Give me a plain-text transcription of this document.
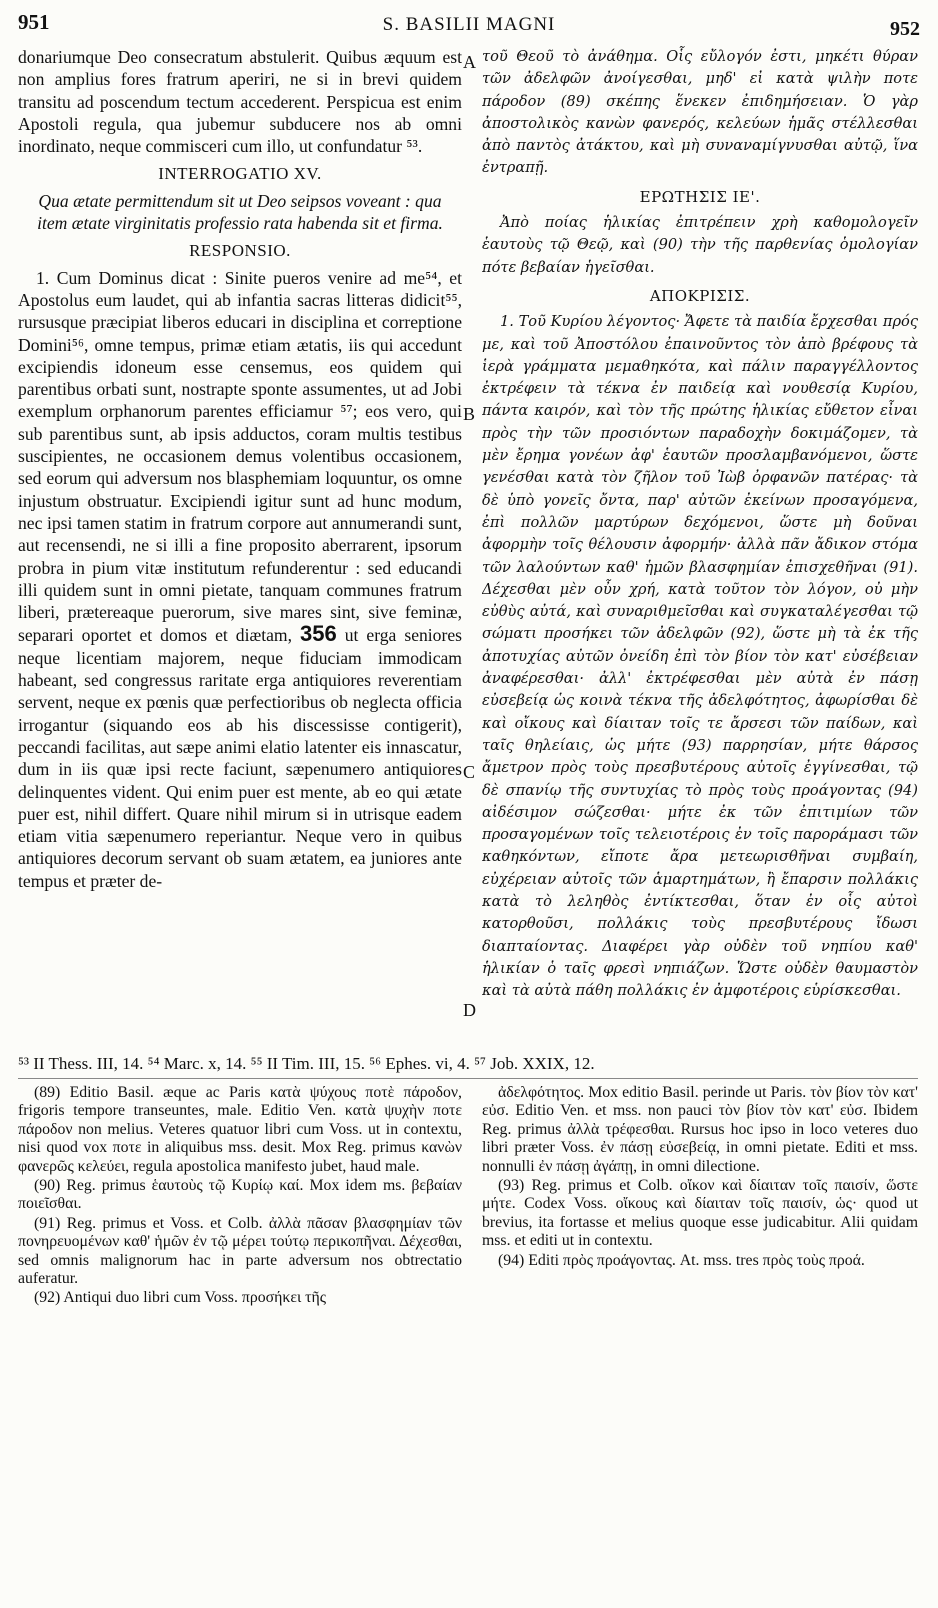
951	S. BASILII MAGNI	952
A
B
C
D

donariumque Deo consecratum abstulerit. Quibus æquum est non amplius fores fratrum aperiri, ne si in brevi quidem transitu ad poscendum tectum accederent. Perspicua est enim Apostoli regula, qua jubemur subducere nos ab omni inordinato, neque commisceri cum illo, ut confundatur ⁵³.

INTERROGATIO XV.

Qua ætate permittendum sit ut Deo seipsos voveant : qua item ætate virginitatis professio rata habenda sit et firma.

RESPONSIO.

1. Cum Dominus dicat : Sinite pueros venire ad me⁵⁴, et Apostolus eum laudet, qui ab infantia sacras litteras didicit⁵⁵, rursusque præcipiat liberos educari in disciplina et correptione Domini⁵⁶, omne tempus, primæ etiam ætatis, iis qui accedunt excipiendis idoneum esse censemus, eos quidem qui parentibus orbati sunt, nostrapte sponte assumentes, ut ad Jobi exemplum orphanorum parentes efficiamur ⁵⁷; eos vero, qui sub parentibus sunt, ab ipsis adductos, coram multis testibus suscipientes, ne occasionem demus volentibus occasionem, sed eorum qui adversum nos blasphemiam loquuntur, os omne injustum obstruatur. Excipiendi igitur sunt ad hunc modum, nec ipsi tamen statim in fratrum corpore aut annumerandi sunt, aut recensendi, ne si illi a fine proposito aberrarent, ipsorum probra in pium vitæ institutum refunderentur : sed educandi illi quidem sunt in omni pietate, tanquam communes fratrum liberi, prætereaque puerorum, sive mares sint, sive feminæ, separari oportet et domos et diætam, 356 ut erga seniores neque licentiam majorem, neque fiduciam immodicam habeant, sed congressus raritate erga antiquiores reverentiam servent, neque ex pœnis quæ perfectioribus ob neglecta officia irrogantur (siquando eos ab his discessisse contigerit), peccandi facilitas, aut sæpe animi elatio latenter eis innascatur, dum in iis quæ ipsi recte faciunt, sæpenumero antiquiores delinquentes vident. Qui enim puer est mente, ab eo qui ætate puer est, nihil differt. Quare nihil mirum si in utrisque eadem etiam vitia sæpenumero reperiantur. Neque vero in quibus antiquiores decorum servant ob suam ætatem, ea juniores ante tempus et præter de-

τοῦ Θεοῦ τὸ ἀνάθημα. Οἷς εὔλογόν ἐστι, μηκέτι θύραν τῶν ἀδελφῶν ἀνοίγεσθαι, μηδ' εἰ κατὰ ψιλὴν ποτε πάροδον (89) σκέπης ἕνεκεν ἐπιδημήσειαν. Ὁ γὰρ ἀποστολικὸς κανὼν φανερός, κελεύων ἡμᾶς στέλλεσθαι ἀπὸ παντὸς ἀτάκτου, καὶ μὴ συναναμίγνυσθαι αὐτῷ, ἵνα ἐντραπῇ.

ΕΡΩΤΗΣΙΣ ΙΕ'.

Ἀπὸ ποίας ἡλικίας ἐπιτρέπειν χρὴ καθομολογεῖν ἑαυτοὺς τῷ Θεῷ, καὶ (90) τὴν τῆς παρθενίας ὁμολογίαν πότε βεβαίαν ἡγεῖσθαι.

ΑΠΟΚΡΙΣΙΣ.

1. Τοῦ Κυρίου λέγοντος· Ἄφετε τὰ παιδία ἔρχεσθαι πρός με, καὶ τοῦ Ἀποστόλου ἐπαινοῦντος τὸν ἀπὸ βρέφους τὰ ἱερὰ γράμματα μεμαθηκότα, καὶ πάλιν παραγγέλλοντος ἐκτρέφειν τὰ τέκνα ἐν παιδείᾳ καὶ νουθεσίᾳ Κυρίου, πάντα καιρόν, καὶ τὸν τῆς πρώτης ἡλικίας εὔθετον εἶναι πρὸς τὴν τῶν προσιόντων παραδοχὴν δοκιμάζομεν, τὰ μὲν ἔρημα γονέων ἀφ' ἑαυτῶν προσλαμβανόμενοι, ὥστε γενέσθαι κατὰ τὸν ζῆλον τοῦ Ἰὼβ ὀρφανῶν πατέρας· τὰ δὲ ὑπὸ γονεῖς ὄντα, παρ' αὐτῶν ἐκείνων προσαγόμενα, ἐπὶ πολλῶν μαρτύρων δεχόμενοι, ὥστε μὴ δοῦναι ἀφορμὴν τοῖς θέλουσιν ἀφορμήν· ἀλλὰ πᾶν ἄδικον στόμα τῶν λαλούντων καθ' ἡμῶν βλασφημίαν ἐπισχεθῆναι (91). Δέχεσθαι μὲν οὖν χρή, κατὰ τοῦτον τὸν λόγον, οὐ μὴν εὐθὺς αὐτά, καὶ συναριθμεῖσθαι καὶ συγκαταλέγεσθαι τῷ σώματι προσήκει τῶν ἀδελφῶν (92), ὥστε μὴ τὰ ἐκ τῆς ἀποτυχίας αὐτῶν ὀνείδη ἐπὶ τὸν βίον τὸν κατ' εὐσέβειαν ἀναφέρεσθαι· ἀλλ' ἐκτρέφεσθαι μὲν αὐτὰ ἐν πάσῃ εὐσεβείᾳ ὡς κοινὰ τέκνα τῆς ἀδελφότητος, ἀφωρίσθαι δὲ καὶ οἴκους καὶ δίαιταν τοῖς τε ἄρσεσι τῶν παίδων, καὶ ταῖς θηλείαις, ὡς μήτε (93) παρρησίαν, μήτε θάρσος ἄμετρον πρὸς τοὺς πρεσβυτέρους αὐτοῖς ἐγγίνεσθαι, τῷ δὲ σπανίῳ τῆς συντυχίας τὸ πρὸς τοὺς προάγοντας (94) αἰδέσιμον σώζεσθαι· μήτε ἐκ τῶν ἐπιτιμίων τῶν προσαγομένων τοῖς τελειοτέροις ἐν τοῖς παροράμασι τῶν καθηκόντων, εἴποτε ἄρα μετεωρισθῆναι συμβαίη, εὐχέρειαν αὐτοῖς τῶν ἁμαρτημάτων, ἢ ἔπαρσιν πολλάκις κατὰ τὸ λεληθὸς ἐντίκτεσθαι, ὅταν ἐν οἷς αὐτοὶ κατορθοῦσι, πολλάκις τοὺς πρεσβυτέρους ἴδωσι διαπταίοντας. Διαφέρει γὰρ οὐδὲν τοῦ νηπίου καθ' ἡλικίαν ὁ ταῖς φρεσὶ νηπιάζων. Ὥστε οὐδὲν θαυμαστὸν καὶ τὰ αὐτὰ πάθη πολλάκις ἐν ἀμφοτέροις εὑρίσκεσθαι.

⁵³ II Thess. III, 14. ⁵⁴ Marc. x, 14. ⁵⁵ II Tim. III, 15. ⁵⁶ Ephes. vi, 4. ⁵⁷ Job. XXIX, 12.

(89) Editio Basil. æque ac Paris κατὰ ψύχους ποτὲ πάροδον, frigoris tempore transeuntes, male. Editio Ven. κατὰ ψυχὴν ποτε πάροδον non melius. Veteres quatuor libri cum Voss. ut in contextu, nisi quod vox ποτε in aliquibus mss. desit. Mox Reg. primus κανὼν φανερῶς κελεύει, regula apostolica manifesto jubet, haud male.

(90) Reg. primus ἑαυτοὺς τῷ Κυρίῳ καί. Mox idem ms. βεβαίαν ποιεῖσθαι.

(91) Reg. primus et Voss. et Colb. ἀλλὰ πᾶσαν βλασφημίαν τῶν πονηρευομένων καθ' ἡμῶν ἐν τῷ μέρει τούτῳ περικοπῆναι. Δέχεσθαι, sed omnis malignorum hac in parte adversum nos obtrectatio auferatur.

(92) Antiqui duo libri cum Voss. προσήκει τῆς

ἀδελφότητος. Mox editio Basil. perinde ut Paris. τὸν βίον τὸν κατ' εὐσ. Editio Ven. et mss. non pauci τὸν βίον τὸν κατ' εὐσ. Ibidem Reg. primus ἀλλὰ τρέφεσθαι. Rursus hoc ipso in loco veteres duo libri præter Voss. ἐν πάσῃ εὐσεβείᾳ, in omni pietate. Editi et mss. nonnulli ἐν πάσῃ ἀγάπῃ, in omni dilectione.

(93) Reg. primus et Colb. οἴκον καὶ δίαιταν τοῖς παισίν, ὥστε μήτε. Codex Voss. οἴκους καὶ δίαιταν τοῖς παισίν, ὡς· quod ut brevius, ita fortasse et melius quoque esse judicabitur. Alii quidam mss. et editi ut in contextu.

(94) Editi πρὸς προάγοντας. At. mss. tres πρὸς τοὺς προά.
